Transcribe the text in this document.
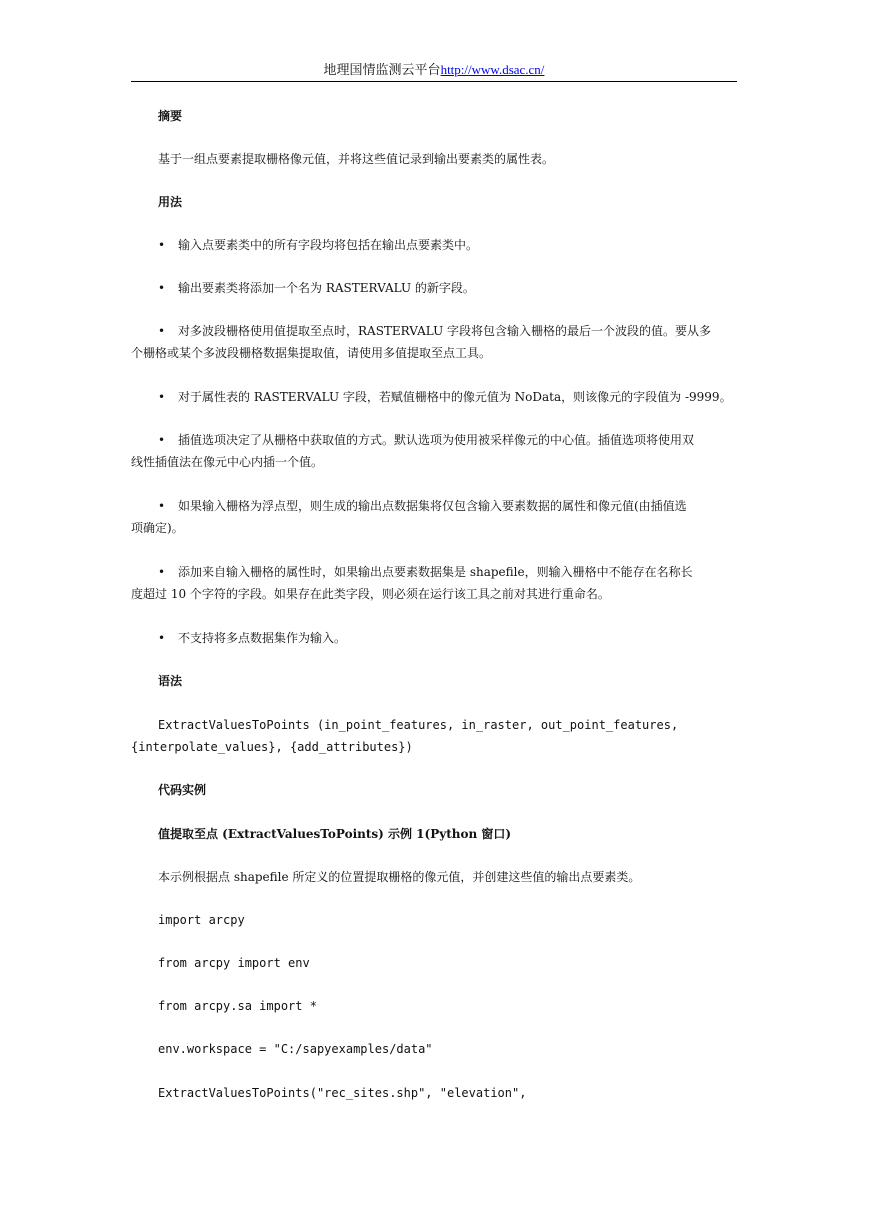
地理国情监测云平台http://www.dsac.cn/
摘要
基于一组点要素提取栅格像元值，并将这些值记录到输出要素类的属性表。
用法
• 输入点要素类中的所有字段均将包括在输出点要素类中。
• 输出要素类将添加一个名为 RASTERVALU 的新字段。
• 对多波段栅格使用值提取至点时，RASTERVALU 字段将包含输入栅格的最后一个波段的值。要从多
个栅格或某个多波段栅格数据集提取值，请使用多值提取至点工具。
• 对于属性表的 RASTERVALU 字段，若赋值栅格中的像元值为 NoData，则该像元的字段值为 -9999。
• 插值选项决定了从栅格中获取值的方式。默认选项为使用被采样像元的中心值。插值选项将使用双
线性插值法在像元中心内插一个值。
• 如果输入栅格为浮点型，则生成的输出点数据集将仅包含输入要素数据的属性和像元值(由插值选
项确定)。
• 添加来自输入栅格的属性时，如果输出点要素数据集是 shapefile，则输入栅格中不能存在名称长
度超过 10 个字符的字段。如果存在此类字段，则必须在运行该工具之前对其进行重命名。
• 不支持将多点数据集作为输入。
语法
ExtractValuesToPoints (in_point_features, in_raster, out_point_features,
{interpolate_values}, {add_attributes})
代码实例
值提取至点 (ExtractValuesToPoints) 示例 1(Python 窗口)
本示例根据点 shapefile 所定义的位置提取栅格的像元值，并创建这些值的输出点要素类。
import arcpy
from arcpy import env
from arcpy.sa import *
env.workspace = "C:/sapyexamples/data"
ExtractValuesToPoints("rec_sites.shp", "elevation",
